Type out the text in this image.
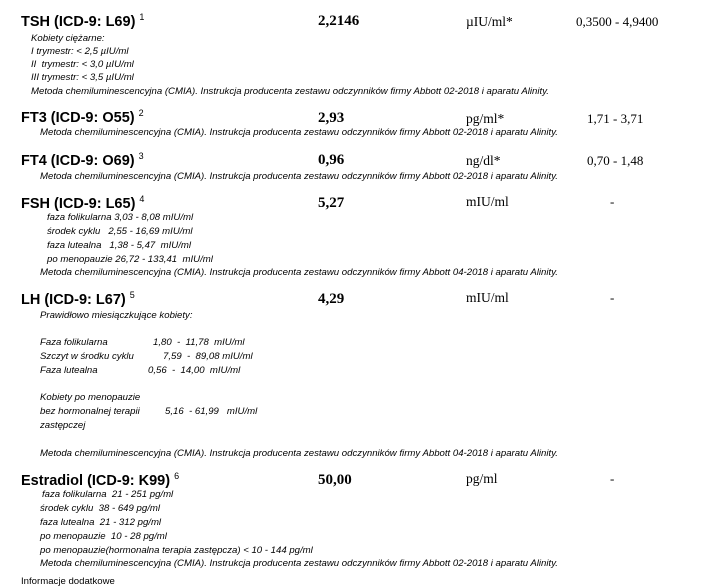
TSH (ICD-9: L69) $^1$	2,2146	µIU/ml*	0,3500 - 4,9400
Kobiety ciężarne:
I trymestr: < 2,5 µIU/ml
II  trymestr: < 3,0 µIU/ml
III trymestr: < 3,5 µIU/ml
Metoda chemiluminescencyjna (CMIA). Instrukcja producenta zestawu odczynników firmy Abbott 02-2018 i aparatu Alinity.
FT3 (ICD-9: O55) $^2$	2,93	pg/ml*	1,71 - 3,71
Metoda chemiluminescencyjna (CMIA). Instrukcja producenta zestawu odczynników firmy Abbott 02-2018 i aparatu Alinity.
FT4 (ICD-9: O69) $^3$	0,96	ng/dl*	0,70 - 1,48
Metoda chemiluminescencyjna (CMIA). Instrukcja producenta zestawu odczynników firmy Abbott 02-2018 i aparatu Alinity.
FSH (ICD-9: L65) $^4$	5,27	mIU/ml	-
faza folikularna 3,03 - 8,08 mIU/ml
środek cyklu   2,55 - 16,69 mIU/ml
faza lutealna   1,38 - 5,47  mIU/ml
po menopauzie 26,72 - 133,41  mIU/ml
Metoda chemiluminescencyjna (CMIA). Instrukcja producenta zestawu odczynników firmy Abbott 04-2018 i aparatu Alinity.
LH (ICD-9: L67) $^5$	4,29	mIU/ml	-
Prawidłowo miesiączkujące kobiety:
Faza folikularna	1,80  -  11,78  mIU/ml
Szczyt w środku cyklu	7,59  -  89,08 mIU/ml
Faza lutealna	0,56  -  14,00  mIU/ml
Kobiety po menopauzie
bez hormonalnej terapii	5,16  - 61,99   mIU/ml
zastępczej
Metoda chemiluminescencyjna (CMIA). Instrukcja producenta zestawu odczynników firmy Abbott 04-2018 i aparatu Alinity.
Estradiol (ICD-9: K99) $^6$	50,00	pg/ml	-
faza folikularna  21 - 251 pg/ml
środek cyklu  38 - 649 pg/ml
faza lutealna  21 - 312 pg/ml
po menopauzie  10 - 28 pg/ml
po menopauzie(hormonalna terapia zastępcza) < 10 - 144 pg/ml
Metoda chemiluminescencyjna (CMIA). Instrukcja producenta zestawu odczynników firmy Abbott 02-2018 i aparatu Alinity.
Informacje dodatkowe
